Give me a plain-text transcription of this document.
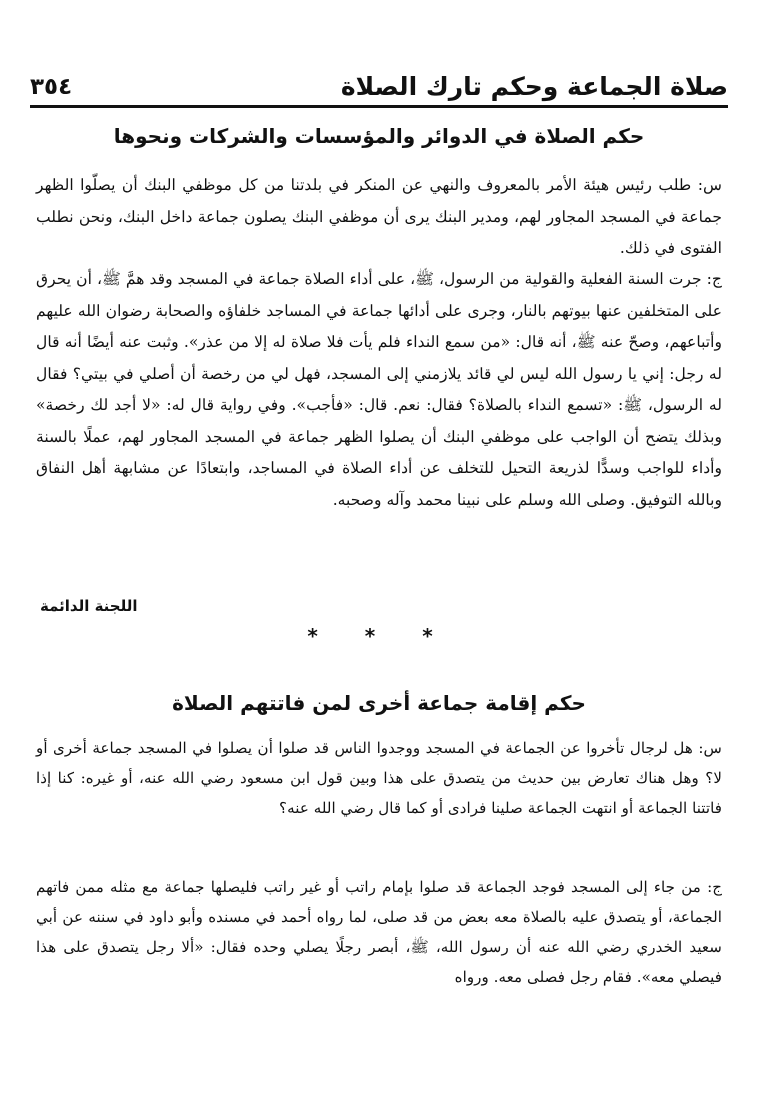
صلاة الجماعة وحكم تارك الصلاة
٣٥٤
حكم الصلاة في الدوائر والمؤسسات والشركات ونحوها

س: طلب رئيس هيئة الأمر بالمعروف والنهي عن المنكر في بلدتنا من كل موظفي البنك أن يصلّوا الظهر جماعة في المسجد المجاور لهم، ومدير البنك يرى أن موظفي البنك يصلون جماعة داخل البنك، ونحن نطلب الفتوى في ذلك.

ج: جرت السنة الفعلية والقولية من الرسول، ﷺ، على أداء الصلاة جماعة في المسجد وقد همَّ ﷺ، أن يحرق على المتخلفين عنها بيوتهم بالنار، وجرى على أدائها جماعة في المساجد خلفاؤه والصحابة رضوان الله عليهم وأتباعهم، وصحّ عنه ﷺ، أنه قال: «من سمع النداء فلم يأت فلا صلاة له إلا من عذر». وثبت عنه أيضًا أنه قال له رجل: إني يا رسول الله ليس لي قائد يلازمني إلى المسجد، فهل لي من رخصة أن أصلي في بيتي؟ فقال له الرسول، ﷺ: «تسمع النداء بالصلاة؟ فقال: نعم. قال: «فأجب». وفي رواية قال له: «لا أجد لك رخصة» وبذلك يتضح أن الواجب على موظفي البنك أن يصلوا الظهر جماعة في المسجد المجاور لهم، عملًا بالسنة وأداء للواجب وسدًّا لذريعة التحيل للتخلف عن أداء الصلاة في المساجد، وابتعادًا عن مشابهة أهل النفاق وبالله التوفيق. وصلى الله وسلم على نبينا محمد وآله وصحبه.

اللجنة الدائمة
* * *
حكم إقامة جماعة أخرى لمن فاتتهم الصلاة

س: هل لرجال تأخروا عن الجماعة في المسجد ووجدوا الناس قد صلوا أن يصلوا في المسجد جماعة أخرى أو لا؟ وهل هناك تعارض بين حديث من يتصدق على هذا وبين قول ابن مسعود رضي الله عنه، أو غيره: كنا إذا فاتتنا الجماعة أو انتهت الجماعة صلينا فرادى أو كما قال رضي الله عنه؟

ج: من جاء إلى المسجد فوجد الجماعة قد صلوا بإمام راتب أو غير راتب فليصلها جماعة مع مثله ممن فاتهم الجماعة، أو يتصدق عليه بالصلاة معه بعض من قد صلى، لما رواه أحمد في مسنده وأبو داود في سننه عن أبي سعيد الخدري رضي الله عنه أن رسول الله، ﷺ، أبصر رجلًا يصلي وحده فقال: «ألا رجل يتصدق على هذا فيصلي معه». فقام رجل فصلى معه. ورواه
